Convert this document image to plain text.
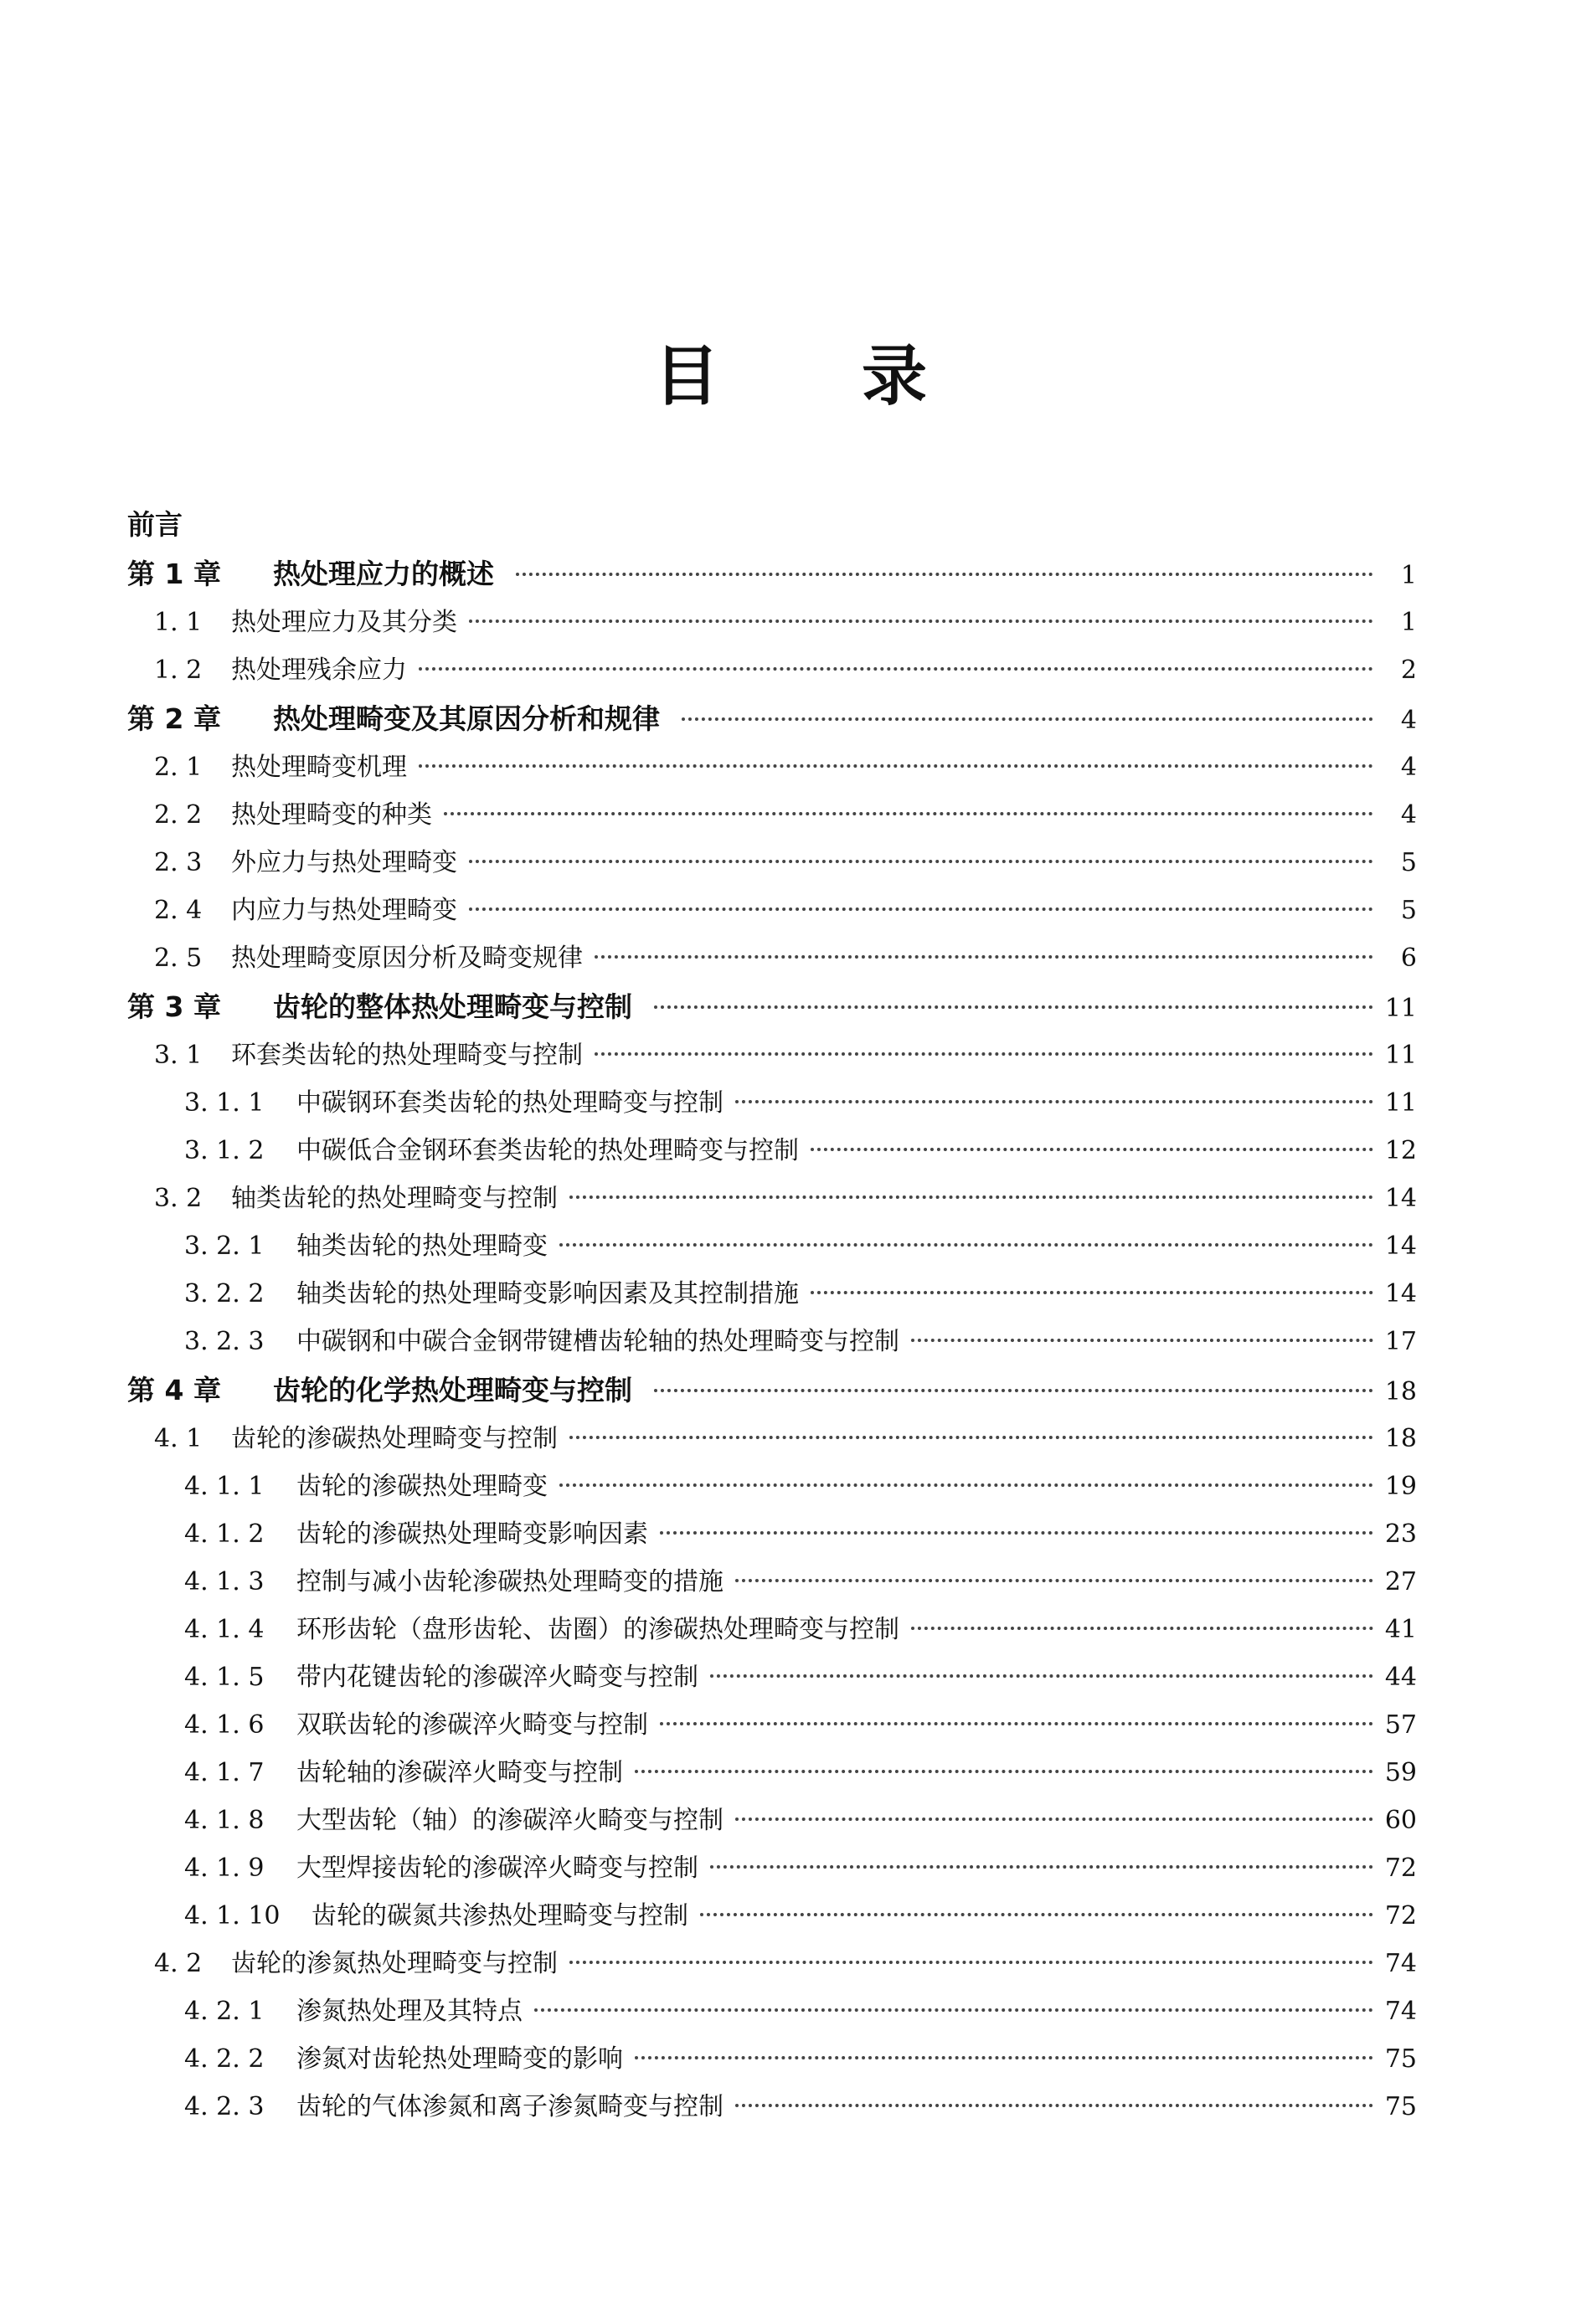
目 录
前言
第 1 章	热处理应力的概述	1
1. 1	热处理应力及其分类	1
1. 2	热处理残余应力	2
第 2 章	热处理畸变及其原因分析和规律	4
2. 1	热处理畸变机理	4
2. 2	热处理畸变的种类	4
2. 3	外应力与热处理畸变	5
2. 4	内应力与热处理畸变	5
2. 5	热处理畸变原因分析及畸变规律	6
第 3 章	齿轮的整体热处理畸变与控制	11
3. 1	环套类齿轮的热处理畸变与控制	11
3. 1. 1	中碳钢环套类齿轮的热处理畸变与控制	11
3. 1. 2	中碳低合金钢环套类齿轮的热处理畸变与控制	12
3. 2	轴类齿轮的热处理畸变与控制	14
3. 2. 1	轴类齿轮的热处理畸变	14
3. 2. 2	轴类齿轮的热处理畸变影响因素及其控制措施	14
3. 2. 3	中碳钢和中碳合金钢带键槽齿轮轴的热处理畸变与控制	17
第 4 章	齿轮的化学热处理畸变与控制	18
4. 1	齿轮的渗碳热处理畸变与控制	18
4. 1. 1	齿轮的渗碳热处理畸变	19
4. 1. 2	齿轮的渗碳热处理畸变影响因素	23
4. 1. 3	控制与减小齿轮渗碳热处理畸变的措施	27
4. 1. 4	环形齿轮（盘形齿轮、齿圈）的渗碳热处理畸变与控制	41
4. 1. 5	带内花键齿轮的渗碳淬火畸变与控制	44
4. 1. 6	双联齿轮的渗碳淬火畸变与控制	57
4. 1. 7	齿轮轴的渗碳淬火畸变与控制	59
4. 1. 8	大型齿轮（轴）的渗碳淬火畸变与控制	60
4. 1. 9	大型焊接齿轮的渗碳淬火畸变与控制	72
4. 1. 10	齿轮的碳氮共渗热处理畸变与控制	72
4. 2	齿轮的渗氮热处理畸变与控制	74
4. 2. 1	渗氮热处理及其特点	74
4. 2. 2	渗氮对齿轮热处理畸变的影响	75
4. 2. 3	齿轮的气体渗氮和离子渗氮畸变与控制	75
